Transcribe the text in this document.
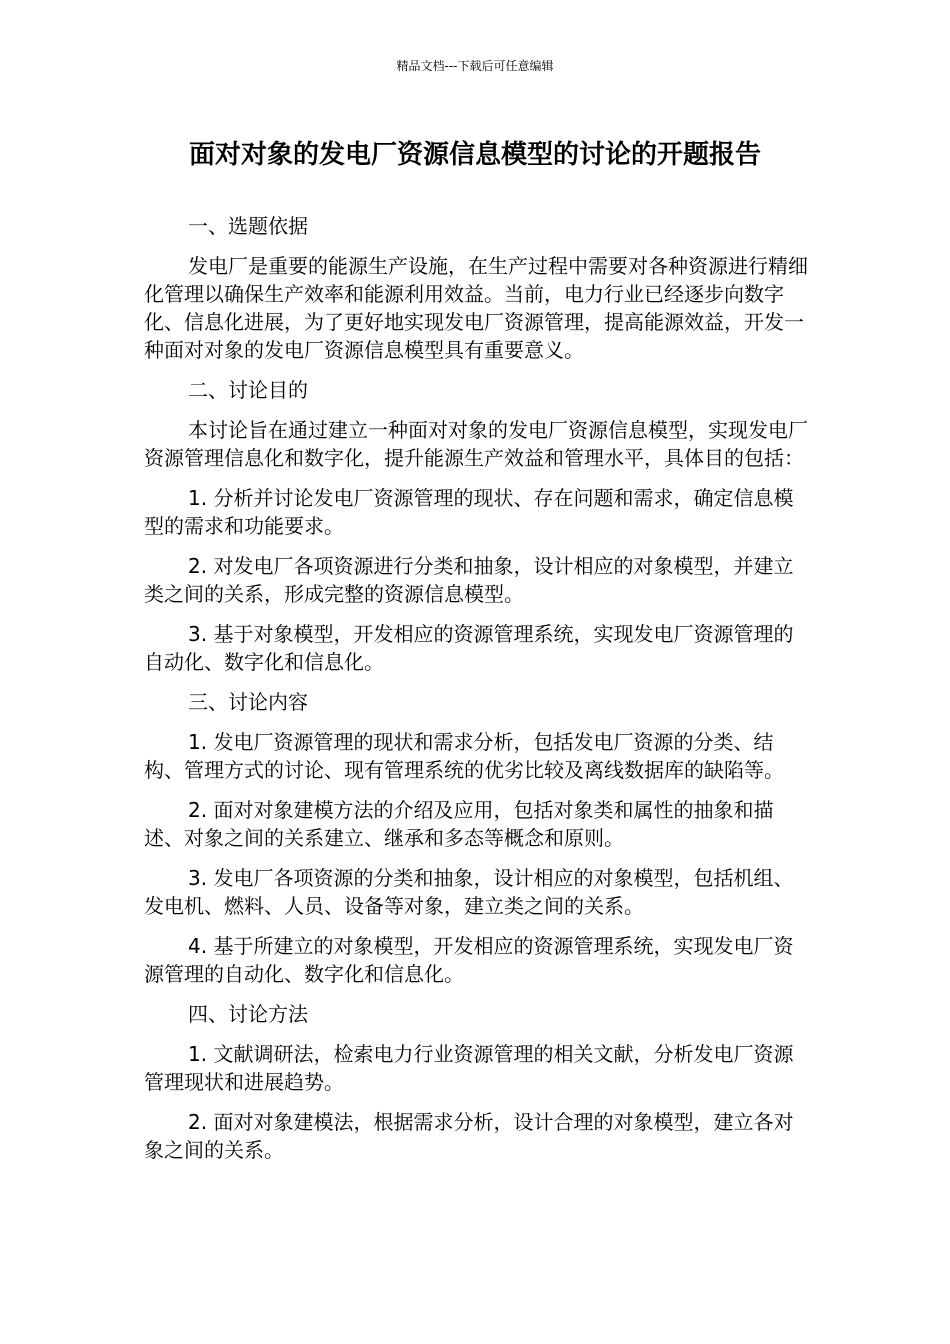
精品文档---下载后可任意编辑
面对对象的发电厂资源信息模型的讨论的开题报告
一、选题依据

发电厂是重要的能源生产设施，在生产过程中需要对各种资源进行精细化管理以确保生产效率和能源利用效益。当前，电力行业已经逐步向数字化、信息化进展，为了更好地实现发电厂资源管理，提高能源效益，开发一种面对对象的发电厂资源信息模型具有重要意义。

二、讨论目的

本讨论旨在通过建立一种面对对象的发电厂资源信息模型，实现发电厂资源管理信息化和数字化，提升能源生产效益和管理水平，具体目的包括：

1. 分析并讨论发电厂资源管理的现状、存在问题和需求，确定信息模型的需求和功能要求。

2. 对发电厂各项资源进行分类和抽象，设计相应的对象模型，并建立类之间的关系，形成完整的资源信息模型。

3. 基于对象模型，开发相应的资源管理系统，实现发电厂资源管理的自动化、数字化和信息化。

三、讨论内容

1. 发电厂资源管理的现状和需求分析，包括发电厂资源的分类、结构、管理方式的讨论、现有管理系统的优劣比较及离线数据库的缺陷等。

2. 面对对象建模方法的介绍及应用，包括对象类和属性的抽象和描述、对象之间的关系建立、继承和多态等概念和原则。

3. 发电厂各项资源的分类和抽象，设计相应的对象模型，包括机组、发电机、燃料、人员、设备等对象，建立类之间的关系。

4. 基于所建立的对象模型，开发相应的资源管理系统，实现发电厂资源管理的自动化、数字化和信息化。

四、讨论方法

1. 文献调研法，检索电力行业资源管理的相关文献，分析发电厂资源管理现状和进展趋势。

2. 面对对象建模法，根据需求分析，设计合理的对象模型，建立各对象之间的关系。
